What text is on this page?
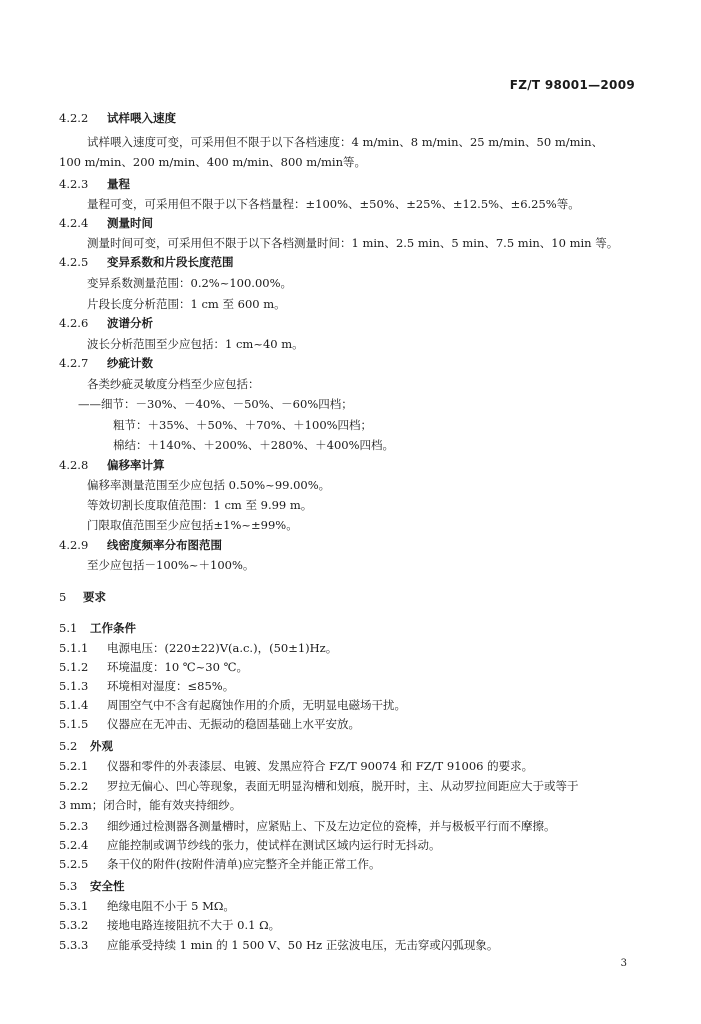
FZ/T 98001—2009
4.2.2 试样喂入速度
试样喂入速度可变，可采用但不限于以下各档速度：4 m/min、8 m/min、25 m/min、50 m/min、
100 m/min、200 m/min、400 m/min、800 m/min等。
4.2.3 量程
量程可变，可采用但不限于以下各档量程：±100%、±50%、±25%、±12.5%、±6.25%等。
4.2.4 测量时间
测量时间可变，可采用但不限于以下各档测量时间：1 min、2.5 min、5 min、7.5 min、10 min 等。
4.2.5 变异系数和片段长度范围
变异系数测量范围：0.2%~100.00%。
片段长度分析范围：1 cm 至 600 m。
4.2.6 波谱分析
波长分析范围至少应包括：1 cm~40 m。
4.2.7 纱疵计数
各类纱疵灵敏度分档至少应包括：
——细节：－30%、－40%、－50%、－60%四档；
粗节：＋35%、＋50%、＋70%、＋100%四档；
棉结：＋140%、＋200%、＋280%、＋400%四档。
4.2.8 偏移率计算
偏移率测量范围至少应包括 0.50%~99.00%。
等效切割长度取值范围：1 cm 至 9.99 m。
门限取值范围至少应包括±1%~±99%。
4.2.9 线密度频率分布图范围
至少应包括－100%~＋100%。
5 要求
5.1 工作条件
5.1.1 电源电压：(220±22)V(a.c.)，(50±1)Hz。
5.1.2 环境温度：10 ℃~30 ℃。
5.1.3 环境相对湿度：≤85%。
5.1.4 周围空气中不含有起腐蚀作用的介质，无明显电磁场干扰。
5.1.5 仪器应在无冲击、无振动的稳固基础上水平安放。
5.2 外观
5.2.1 仪器和零件的外表漆层、电镀、发黑应符合 FZ/T 90074 和 FZ/T 91006 的要求。
5.2.2 罗拉无偏心、凹心等现象，表面无明显沟槽和划痕，脱开时，主、从动罗拉间距应大于或等于
3 mm；闭合时，能有效夹持细纱。
5.2.3 细纱通过检测器各测量槽时，应紧贴上、下及左边定位的瓷棒，并与极板平行而不摩擦。
5.2.4 应能控制或调节纱线的张力，使试样在测试区域内运行时无抖动。
5.2.5 条干仪的附件(按附件清单)应完整齐全并能正常工作。
5.3 安全性
5.3.1 绝缘电阻不小于 5 MΩ。
5.3.2 接地电路连接阻抗不大于 0.1 Ω。
5.3.3 应能承受持续 1 min 的 1 500 V、50 Hz 正弦波电压，无击穿或闪弧现象。
3
